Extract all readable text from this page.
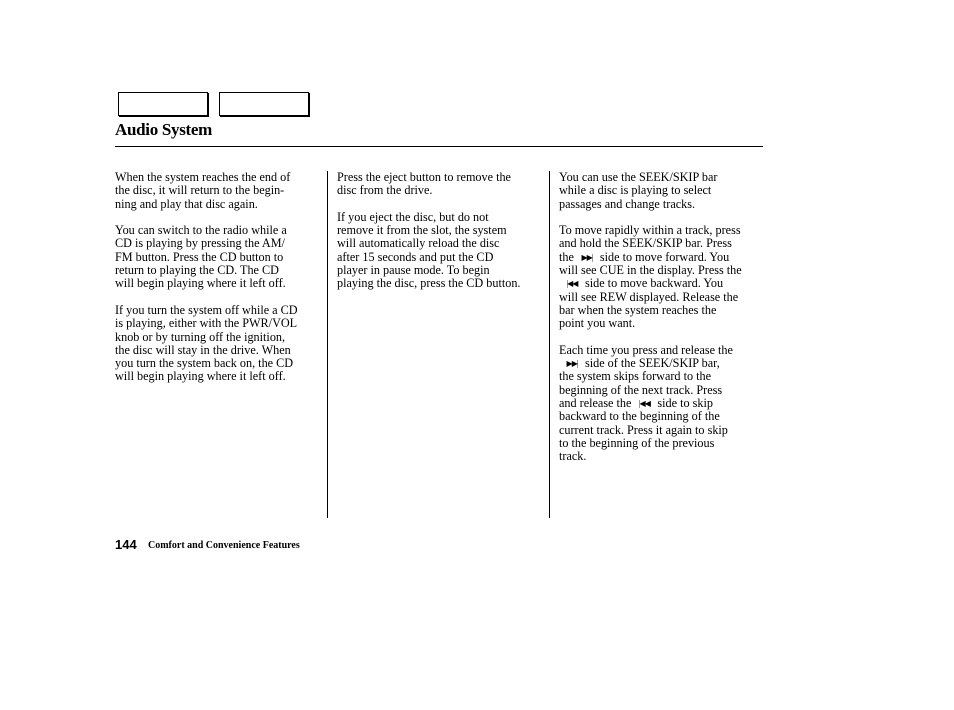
Audio System

When the system reaches the end of
the disc, it will return to the begin-
ning and play that disc again.

You can switch to the radio while a
CD is playing by pressing the AM/
FM button. Press the CD button to
return to playing the CD. The CD
will begin playing where it left off.

If you turn the system off while a CD
is playing, either with the PWR/VOL
knob or by turning off the ignition,
the disc will stay in the drive. When
you turn the system back on, the CD
will begin playing where it left off.

Press the eject button to remove the
disc from the drive.

If you eject the disc, but do not
remove it from the slot, the system
will automatically reload the disc
after 15 seconds and put the CD
player in pause mode. To begin
playing the disc, press the CD button.

You can use the SEEK/SKIP bar
while a disc is playing to select
passages and change tracks.

To move rapidly within a track, press
and hold the SEEK/SKIP bar. Press
the ▶▶| side to move forward. You
will see CUE in the display. Press the
|◀◀ side to move backward. You
will see REW displayed. Release the
bar when the system reaches the
point you want.

Each time you press and release the
▶▶| side of the SEEK/SKIP bar,
the system skips forward to the
beginning of the next track. Press
and release the |◀◀ side to skip
backward to the beginning of the
current track. Press it again to skip
to the beginning of the previous
track.

144 Comfort and Convenience Features
